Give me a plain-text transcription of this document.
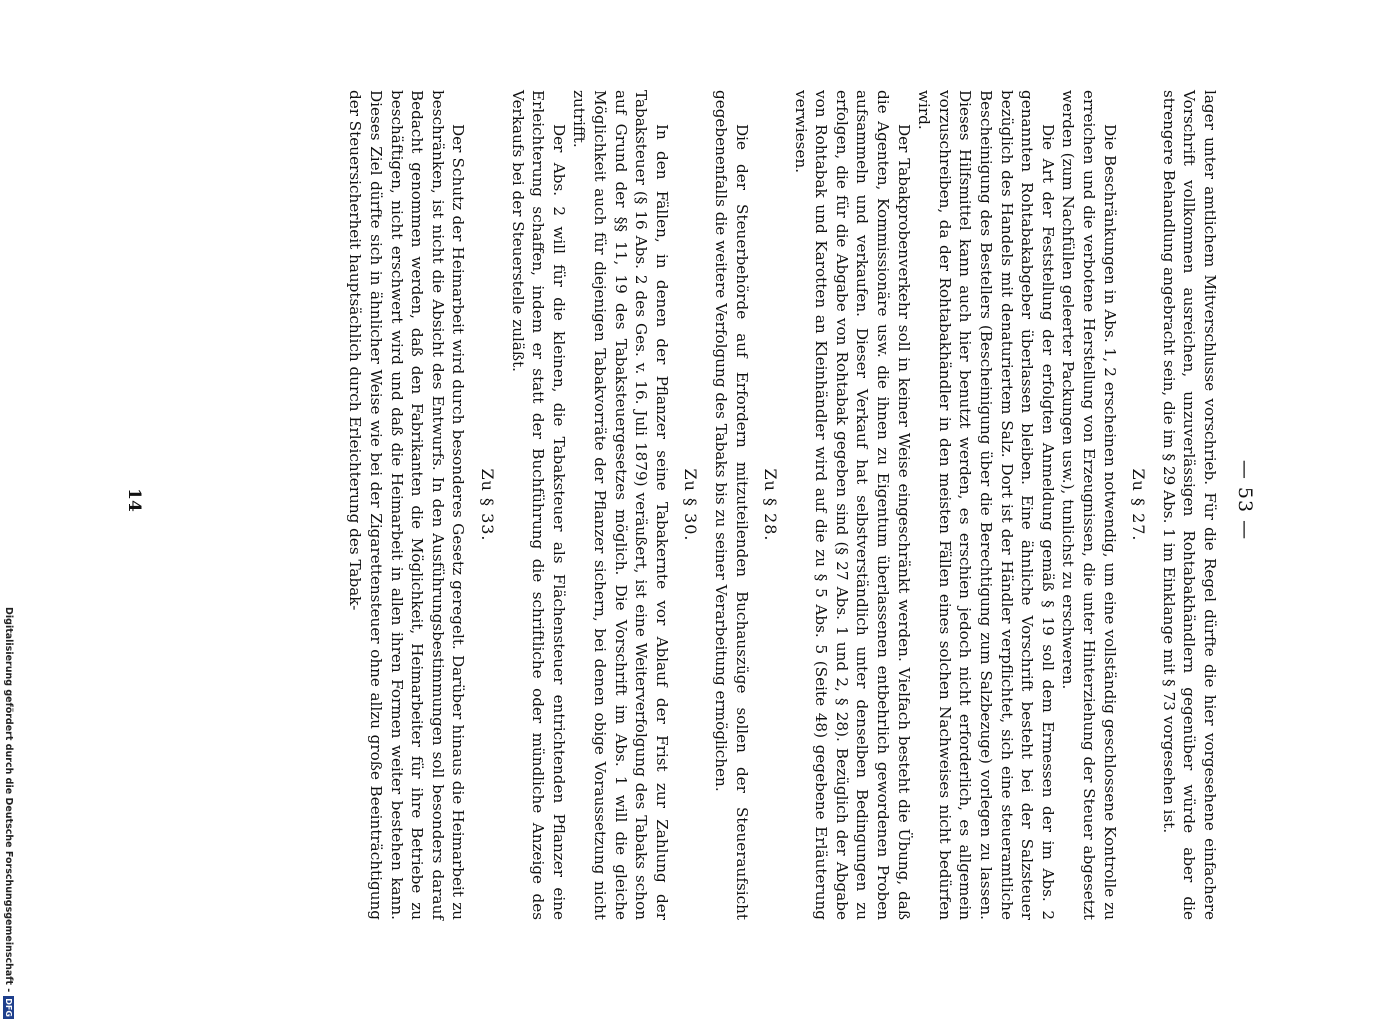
— 53 —

lager unter amtlichem Mitverschlusse vorschrieb. Für die Regel dürfte die hier vorgesehene einfachere Vorschrift vollkommen ausreichen, unzuverlässigen Rohtabakhändlern gegenüber würde aber die strengere Behandlung angebracht sein, die im § 29 Abs. 1 im Einklange mit § 73 vorgesehen ist.

Zu § 27.

Die Beschränkungen in Abs. 1, 2 erscheinen notwendig, um eine vollständig geschlossene Kontrolle zu erreichen und die verbotene Herstellung von Erzeugnissen, die unter Hinterziehung der Steuer abgesetzt werden (zum Nachfüllen geleerter Packungen usw.), tunlichst zu erschweren.

Die Art der Feststellung der erfolgten Anmeldung gemäß § 19 soll dem Ermessen der im Abs. 2 genannten Rohtabakabgeber überlassen bleiben. Eine ähnliche Vorschrift besteht bei der Salzsteuer bezüglich des Handels mit denaturiertem Salz. Dort ist der Händler verpflichtet, sich eine steueramtliche Bescheinigung des Bestellers (Bescheinigung über die Berechtigung zum Salzbezuge) vorlegen zu lassen. Dieses Hilfsmittel kann auch hier benutzt werden, es erschien jedoch nicht erforderlich, es allgemein vorzuschreiben, da der Rohtabakhändler in den meisten Fällen eines solchen Nachweises nicht bedürfen wird.

Der Tabakprobenverkehr soll in keiner Weise eingeschränkt werden. Vielfach besteht die Übung, daß die Agenten, Kommissionäre usw. die ihnen zu Eigentum überlassenen entbehrlich gewordenen Proben aufsammeln und verkaufen. Dieser Verkauf hat selbstverständlich unter denselben Bedingungen zu erfolgen, die für die Abgabe von Rohtabak gegeben sind (§ 27 Abs. 1 und 2, § 28). Bezüglich der Abgabe von Rohtabak und Karotten an Kleinhändler wird auf die zu § 5 Abs. 5 (Seite 48) gegebene Erläuterung verwiesen.

Zu § 28.

Die der Steuerbehörde auf Erfordern mitzuteilenden Buchauszüge sollen der Steueraufsicht gegebenenfalls die weitere Verfolgung des Tabaks bis zu seiner Verarbeitung ermöglichen.

Zu § 30.

In den Fällen, in denen der Pflanzer seine Tabakernte vor Ablauf der Frist zur Zahlung der Tabaksteuer (§ 16 Abs. 2 des Ges. v. 16. Juli 1879) veräußert, ist eine Weiterverfolgung des Tabaks schon auf Grund der §§ 11, 19 des Tabaksteuergesetzes möglich. Die Vorschrift im Abs. 1 will die gleiche Möglichkeit auch für diejenigen Tabakvorräte der Pflanzer sichern, bei denen obige Voraussetzung nicht zutrifft.

Der Abs. 2 will für die kleinen, die Tabaksteuer als Flächensteuer entrichtenden Pflanzer eine Erleichterung schaffen, indem er statt der Buchführung die schriftliche oder mündliche Anzeige des Verkaufs bei der Steuerstelle zuläßt.

Zu § 33.

Der Schutz der Heimarbeit wird durch besonderes Gesetz geregelt. Darüber hinaus die Heimarbeit zu beschränken, ist nicht die Absicht des Entwurfs. In den Ausführungsbestimmungen soll besonders darauf Bedacht genommen werden, daß den Fabrikanten die Möglichkeit, Heimarbeiter für ihre Betriebe zu beschäftigen, nicht erschwert wird und daß die Heimarbeit in allen ihren Formen weiter bestehen kann. Dieses Ziel dürfte sich in ähnlicher Weise wie bei der Zigarettensteuer ohne allzu große Beeinträchtigung der Steuersicherheit hauptsächlich durch Erleichterung des Tabak-

14
Digitalisierung gefördert durch die Deutsche Forschungsgemeinschaft -DFG
